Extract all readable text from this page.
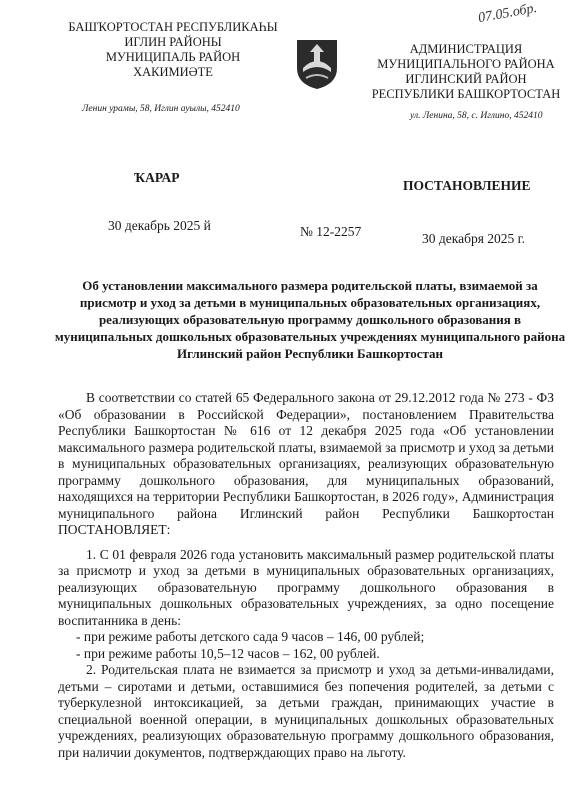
07.05.обр.
БАШҠОРТОСТАН РЕСПУБЛИКАҺЫ
ИГЛИН РАЙОНЫ
МУНИЦИПАЛЬ РАЙОН
ХАКИМИӘТЕ
Ленин урамы, 58, Иглин ауылы, 452410
АДМИНИСТРАЦИЯ
МУНИЦИПАЛЬНОГО РАЙОНА
ИГЛИНСКИЙ РАЙОН
РЕСПУБЛИКИ БАШКОРТОСТАН
ул. Ленина, 58, с. Иглино, 452410
ҠАРАР
ПОСТАНОВЛЕНИЕ
30 декабрь 2025 й	№ 12-2257	30 декабря 2025 г.
Об установлении максимального размера родительской платы, взимаемой за присмотр и уход за детьми в муниципальных образовательных организациях, реализующих образовательную программу дошкольного образования в муниципальных дошкольных образовательных учреждениях муниципального района Иглинский район Республики Башкортостан

В соответствии со статей 65 Федерального закона от 29.12.2012 года № 273 - ФЗ «Об образовании в Российской Федерации», постановлением Правительства Республики Башкортостан № 616 от 12 декабря 2025 года «Об установлении максимального размера родительской платы, взимаемой за присмотр и уход за детьми в муниципальных образовательных организациях, реализующих образовательную программу дошкольного образования, для муниципальных образований, находящихся на территории Республики Башкортостан, в 2026 году», Администрация муниципального района Иглинский район Республики Башкортостан ПОСТАНОВЛЯЕТ:

1. С 01 февраля 2026 года установить максимальный размер родительской платы за присмотр и уход за детьми в муниципальных образовательных организациях, реализующих образовательную программу дошкольного образования в муниципальных дошкольных образовательных учреждениях, за одно посещение воспитанника в день:

- при режиме работы детского сада 9 часов – 146, 00 рублей;

- при режиме работы 10,5–12 часов – 162, 00 рублей.

2. Родительская плата не взимается за присмотр и уход за детьми-инвалидами, детьми – сиротами и детьми, оставшимися без попечения родителей, за детьми с туберкулезной интоксикацией, за детьми граждан, принимающих участие в специальной военной операции, в муниципальных дошкольных образовательных учреждениях, реализующих образовательную программу дошкольного образования, при наличии документов, подтверждающих право на льготу.
